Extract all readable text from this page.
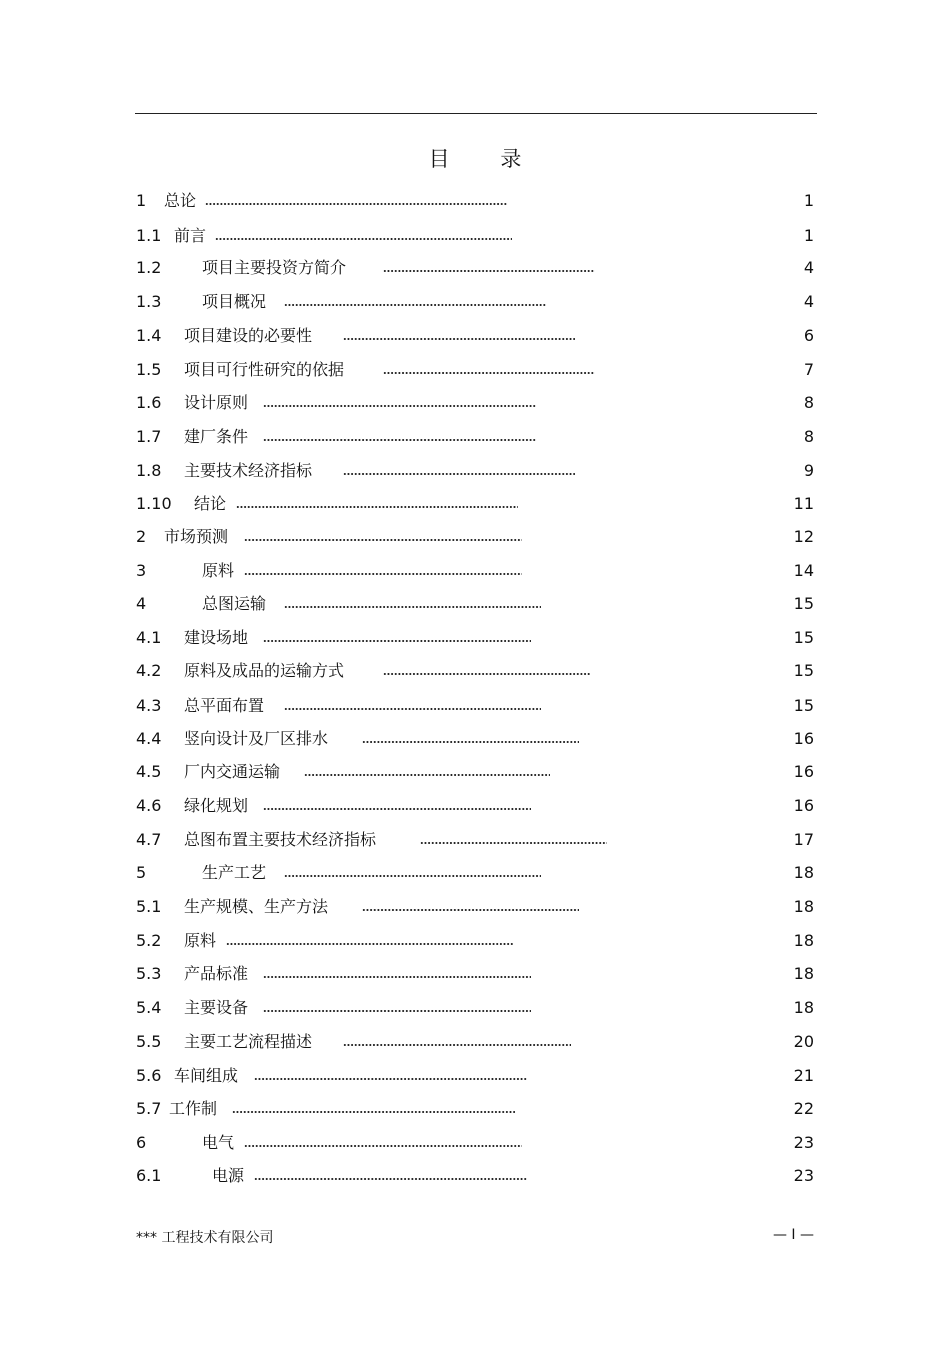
目 录
1 总论	1
1.1 前言	1
1.2	项目主要投资方简介	4
1.3	项目概况	4
1.4 项目建设的必要性	6
1.5 项目可行性研究的依据	7
1.6 设计原则	8
1.7 建厂条件	8
1.8 主要技术经济指标	9
1.10 结论	11
2 市场预测	12
3	原料	14
4	总图运输	15
4.1 建设场地	15
4.2 原料及成品的运输方式	15
4.3 总平面布置	15
4.4 竖向设计及厂区排水	16
4.5 厂内交通运输	16
4.6 绿化规划	16
4.7 总图布置主要技术经济指标	17
5	生产工艺	18
5.1 生产规模、生产方法	18
5.2 原料	18
5.3 产品标准	18
5.4 主要设备	18
5.5 主要工艺流程描述	20
5.6 车间组成	21
5.7 工作制	22
6	电气	23
6.1	电源	23
*** 工程技术有限公司	— I —
